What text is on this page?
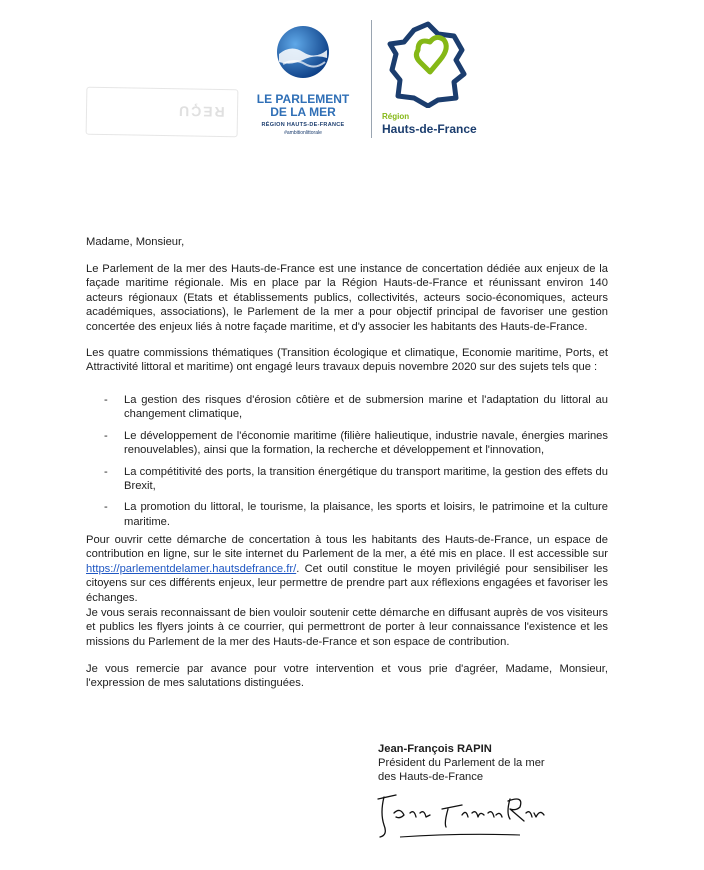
REÇU
LE PARLEMENT
DE LA MER
RÉGION HAUTS-DE-FRANCE
#ambitionlittorale
Région
Hauts-de-France
Madame, Monsieur,
Le Parlement de la mer des Hauts-de-France est une instance de concertation dédiée aux enjeux de la façade maritime régionale. Mis en place par la Région Hauts-de-France et réunissant environ 140 acteurs régionaux (Etats et établissements publics, collectivités, acteurs socio-économiques, acteurs académiques, associations), le Parlement de la mer a pour objectif principal de favoriser une gestion concertée des enjeux liés à notre façade maritime, et d'y associer les habitants des Hauts-de-France.
Les quatre commissions thématiques (Transition écologique et climatique, Economie maritime, Ports, et Attractivité littoral et maritime) ont engagé leurs travaux depuis novembre 2020 sur des sujets tels que :
- La gestion des risques d'érosion côtière et de submersion marine et l'adaptation du littoral au changement climatique,
- Le développement de l'économie maritime (filière halieutique, industrie navale, énergies marines renouvelables), ainsi que la formation, la recherche et développement et l'innovation,
- La compétitivité des ports, la transition énergétique du transport maritime, la gestion des effets du Brexit,
- La promotion du littoral, le tourisme, la plaisance, les sports et loisirs, le patrimoine et la culture maritime.
Pour ouvrir cette démarche de concertation à tous les habitants des Hauts-de-France, un espace de contribution en ligne, sur le site internet du Parlement de la mer, a été mis en place. Il est accessible sur https://parlementdelamer.hautsdefrance.fr/. Cet outil constitue le moyen privilégié pour sensibiliser les citoyens sur ces différents enjeux, leur permettre de prendre part aux réflexions engagées et favoriser les échanges.
Je vous serais reconnaissant de bien vouloir soutenir cette démarche en diffusant auprès de vos visiteurs et publics les flyers joints à ce courrier, qui permettront de porter à leur connaissance l'existence et les missions du Parlement de la mer des Hauts-de-France et son espace de contribution.
Je vous remercie par avance pour votre intervention et vous prie d'agréer, Madame, Monsieur, l'expression de mes salutations distinguées.
Jean-François RAPIN
Président du Parlement de la mer
des Hauts-de-France
